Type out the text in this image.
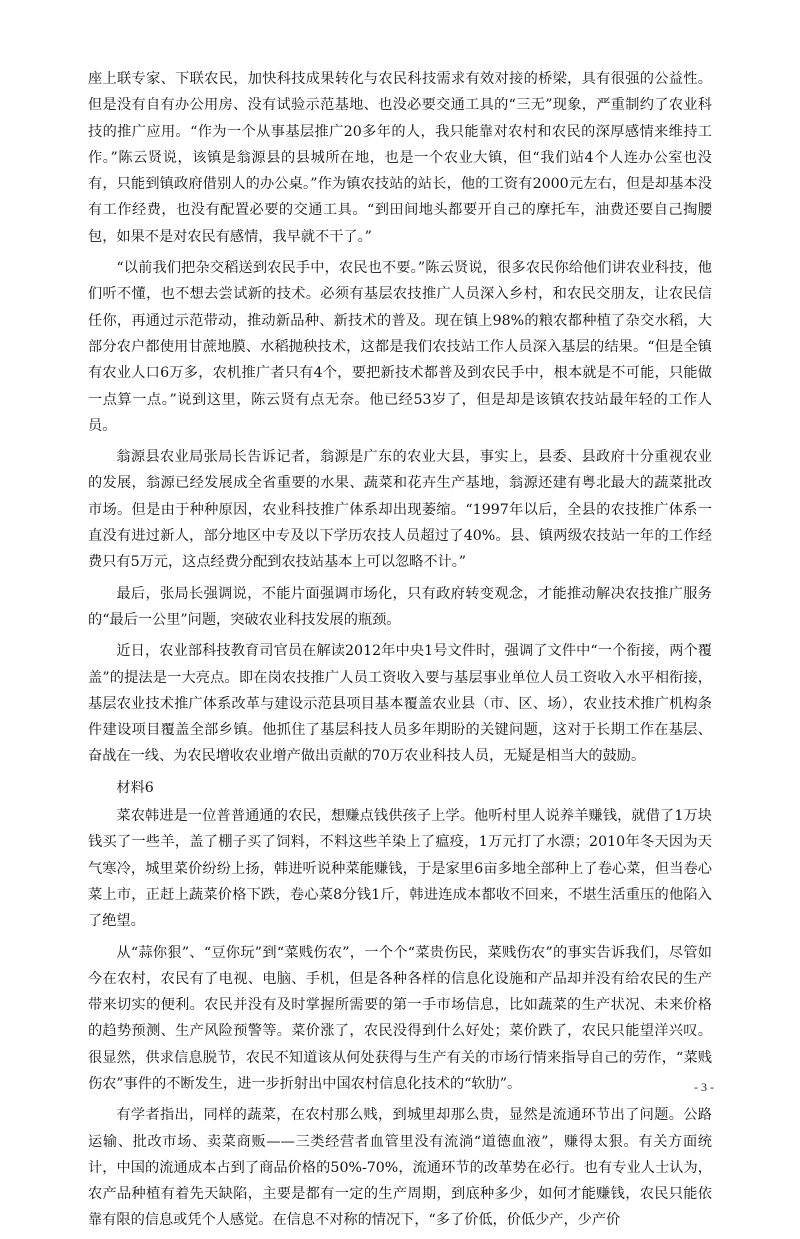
座上联专家、下联农民，加快科技成果转化与农民科技需求有效对接的桥梁，具有很强的公益性。但是没有自有办公用房、没有试验示范基地、也没必要交通工具的“三无”现象，严重制约了农业科技的推广应用。“作为一个从事基层推广20多年的人，我只能靠对农村和农民的深厚感情来维持工作。”陈云贤说，该镇是翁源县的县城所在地，也是一个农业大镇，但“我们站4个人连办公室也没有，只能到镇政府借别人的办公桌。”作为镇农技站的站长，他的工资有2000元左右，但是却基本没有工作经费，也没有配置必要的交通工具。“到田间地头都要开自己的摩托车，油费还要自己掏腰包，如果不是对农民有感情，我早就不干了。”

“以前我们把杂交稻送到农民手中，农民也不要。”陈云贤说，很多农民你给他们讲农业科技，他们听不懂，也不想去尝试新的技术。必须有基层农技推广人员深入乡村，和农民交朋友，让农民信任你，再通过示范带动，推动新品种、新技术的普及。现在镇上98%的粮农都种植了杂交水稻，大部分农户都使用甘蔗地膜、水稻抛秧技术，这都是我们农技站工作人员深入基层的结果。“但是全镇有农业人口6万多，农机推广者只有4个，要把新技术都普及到农民手中，根本就是不可能，只能做一点算一点。”说到这里，陈云贤有点无奈。他已经53岁了，但是却是该镇农技站最年轻的工作人员。

翁源县农业局张局长告诉记者，翁源是广东的农业大县，事实上，县委、县政府十分重视农业的发展，翁源已经发展成全省重要的水果、蔬菜和花卉生产基地，翁源还建有粤北最大的蔬菜批改市场。但是由于种种原因，农业科技推广体系却出现萎缩。“1997年以后，全县的农技推广体系一直没有进过新人，部分地区中专及以下学历农技人员超过了40%。县、镇两级农技站一年的工作经费只有5万元，这点经费分配到农技站基本上可以忽略不计。”

最后，张局长强调说，不能片面强调市场化，只有政府转变观念，才能推动解决农技推广服务的“最后一公里”问题，突破农业科技发展的瓶颈。

近日，农业部科技教育司官员在解读2012年中央1号文件时，强调了文件中“一个衔接，两个覆盖”的提法是一大亮点。即在岗农技推广人员工资收入要与基层事业单位人员工资收入水平相衔接，基层农业技术推广体系改革与建设示范县项目基本覆盖农业县（市、区、场），农业技术推广机构条件建设项目覆盖全部乡镇。他抓住了基层科技人员多年期盼的关键问题，这对于长期工作在基层、奋战在一线、为农民增收农业增产做出贡献的70万农业科技人员，无疑是相当大的鼓励。

材料6

菜农韩进是一位普普通通的农民，想赚点钱供孩子上学。他听村里人说养羊赚钱，就借了1万块钱买了一些羊，盖了棚子买了饲料，不料这些羊染上了瘟疫，1万元打了水漂；2010年冬天因为天气寒冷，城里菜价纷纷上扬，韩进听说种菜能赚钱，于是家里6亩多地全部种上了卷心菜，但当卷心菜上市，正赶上蔬菜价格下跌，卷心菜8分钱1斤，韩进连成本都收不回来，不堪生活重压的他陷入了绝望。

从“蒜你狠”、“豆你玩”到“菜贱伤农”，一个个“菜贵伤民，菜贱伤农”的事实告诉我们，尽管如今在农村，农民有了电视、电脑、手机，但是各种各样的信息化设施和产品却并没有给农民的生产带来切实的便利。农民并没有及时掌握所需要的第一手市场信息，比如蔬菜的生产状况、未来价格的趋势预测、生产风险预警等。菜价涨了，农民没得到什么好处；菜价跌了，农民只能望洋兴叹。很显然，供求信息脱节，农民不知道该从何处获得与生产有关的市场行情来指导自己的劳作，“菜贱伤农”事件的不断发生，进一步折射出中国农村信息化技术的“软肋”。

有学者指出，同样的蔬菜，在农村那么贱，到城里却那么贵，显然是流通环节出了问题。公路运输、批改市场、卖菜商贩——三类经营者血管里没有流淌“道德血液”，赚得太狠。有关方面统计，中国的流通成本占到了商品价格的50%-70%，流通环节的改革势在必行。也有专业人士认为，农产品种植有着先天缺陷，主要是都有一定的生产周期，到底种多少，如何才能赚钱，农民只能依靠有限的信息或凭个人感觉。在信息不对称的情况下，“多了价低，价低少产，少产价

- 3 -
